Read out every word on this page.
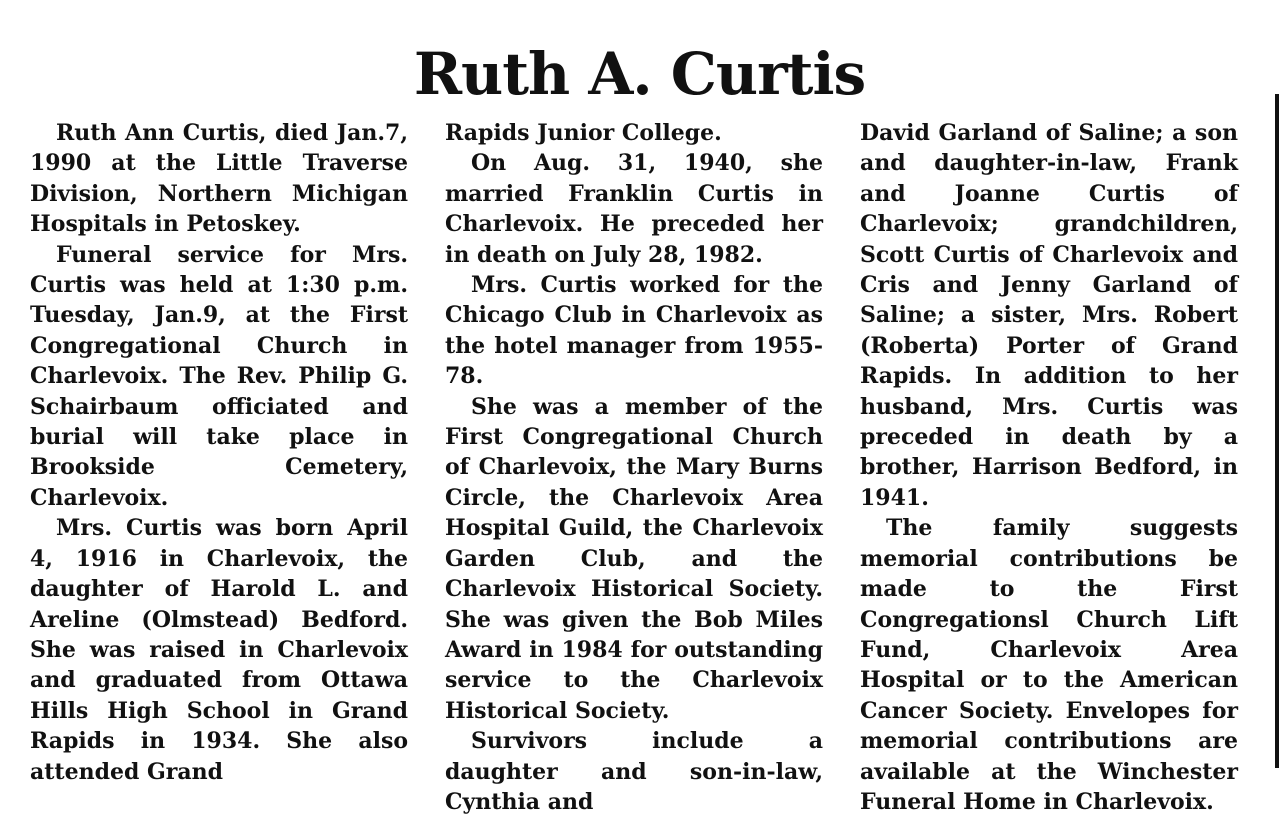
Ruth A. Curtis

Ruth Ann Curtis, died Jan.7, 1990 at the Little Traverse Division, Northern Michigan Hospitals in Petoskey.

Funeral service for Mrs. Curtis was held at 1:30 p.m. Tuesday, Jan.9, at the First Congregational Church in Charlevoix. The Rev. Philip G. Schairbaum officiated and burial will take place in Brookside Cemetery, Charlevoix.

Mrs. Curtis was born April 4, 1916 in Charlevoix, the daughter of Harold L. and Areline (Olmstead) Bedford. She was raised in Charlevoix and graduated from Ottawa Hills High School in Grand Rapids in 1934. She also attended Grand

Rapids Junior College.

On Aug. 31, 1940, she married Franklin Curtis in Charlevoix. He preceded her in death on July 28, 1982.

Mrs. Curtis worked for the Chicago Club in Charlevoix as the hotel manager from 1955-78.

She was a member of the First Congregational Church of Charlevoix, the Mary Burns Circle, the Charlevoix Area Hospital Guild, the Charlevoix Garden Club, and the Charlevoix Historical Society. She was given the Bob Miles Award in 1984 for outstanding service to the Charlevoix Historical Society.

Survivors include a daughter and son-in-law, Cynthia and

David Garland of Saline; a son and daughter-in-law, Frank and Joanne Curtis of Charlevoix; grandchildren, Scott Curtis of Charlevoix and Cris and Jenny Garland of Saline; a sister, Mrs. Robert (Roberta) Porter of Grand Rapids. In addition to her husband, Mrs. Curtis was preceded in death by a brother, Harrison Bedford, in 1941.

The family suggests memorial contributions be made to the First Congregationsl Church Lift Fund, Charlevoix Area Hospital or to the American Cancer Society. Envelopes for memorial contributions are available at the Winchester Funeral Home in Charlevoix.
